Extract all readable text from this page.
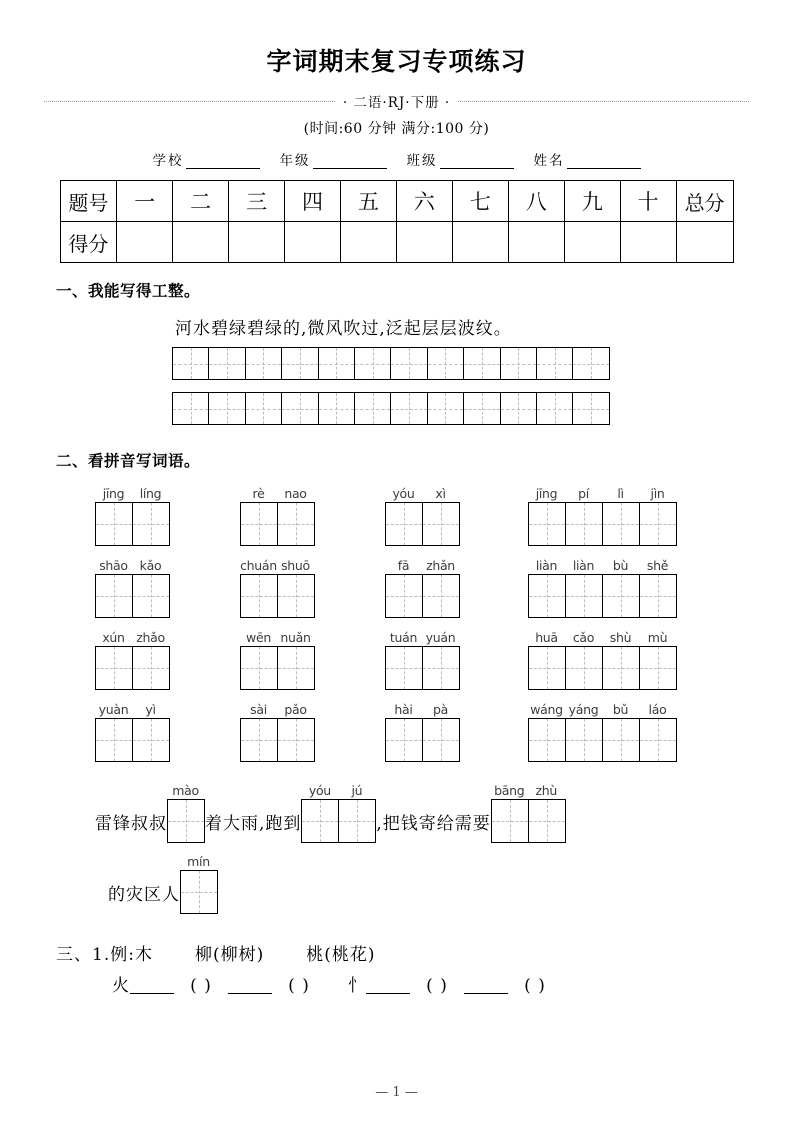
字词期末复习专项练习
· 二语·RJ·下册 ·
(时间:60 分钟 满分:100 分)
学校	年级	班级	姓名
题号	一	二	三	四	五	六	七	八	九	十	总分
得分											
一、我能写得工整。
河水碧绿碧绿的,微风吹过,泛起层层波纹。
二、看拼音写词语。
jīng	líng	rè	nao	yóu	xì	jīng	pí	lì	jìn
shāo kǎo	chuán shuō	fā	zhǎn	liàn	liàn	bù	shě
xún zhǎo	wēn nuǎn	tuán yuán	huā	cǎo	shù	mù
yuàn	yì	sài	pǎo	hài	pà	wáng yáng	bǔ	láo
雷锋叔叔
mào
着大雨,跑到
yóu	jú
,把钱寄给需要
bāng zhù
的灾区人
mín
三、1.例:木 柳(柳树) 桃(桃花)
火	( )	( ) 忄	( )	( )
— 1 —
